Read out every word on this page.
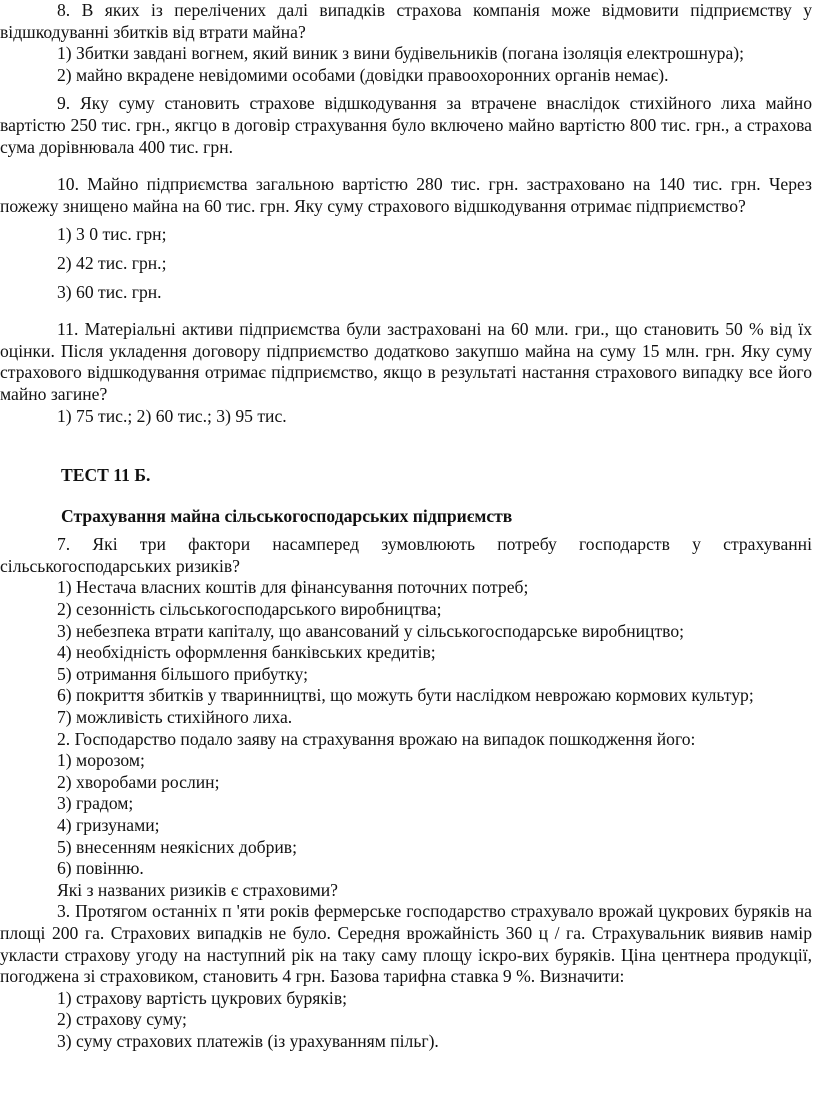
8. В яких із перелічених далі випадків страхова компанія може відмовити підприємству у відшкодуванні збитків від втрати майна?

1) Збитки завдані вогнем, який виник з вини будівельників (погана ізоляція електрошнура);

2) майно вкрадене невідомими особами (довідки правоохоронних органів немає).

9. Яку суму становить страхове відшкодування за втрачене внаслідок стихійного лиха майно вартістю 250 тис. грн., якгцо в договір страхування було включено майно вартістю 800 тис. грн., а страхова сума дорівнювала 400 тис. грн.

10. Майно підприємства загальною вартістю 280 тис. грн. застраховано на 140 тис. грн. Через пожежу знищено майна на 60 тис. грн. Яку суму страхового відшкодування отримає підприємство?

1) 3 0 тис. грн;

2) 42 тис. грн.;

3) 60 тис. грн.

11. Матеріальні активи підприємства були застраховані на 60 мли. гри., що становить 50 % від їх оцінки. Після укладення договору підприємство додатково закупшо майна на суму 15 млн. грн. Яку суму страхового відшкодування отримає підприємство, якщо в результаті настання страхового випадку все його майно загине?

1) 75 тис.; 2) 60 тис.; 3) 95 тис.

ТЕСТ 11 Б.

Страхування майна сільськогосподарських підприємств

7. Які три фактори насамперед зумовлюють потребу господарств у страхуванні сільськогосподарських ризиків?

1) Нестача власних коштів для фінансування поточних потреб;

2) сезонність сільськогосподарського виробництва;

3) небезпека втрати капіталу, що авансований у сільськогосподарське виробництво;

4) необхідність оформлення банківських кредитів;

5) отримання більшого прибутку;

6) покриття збитків у тваринництві, що можуть бути наслідком неврожаю кормових культур;

7) можливість стихійного лиха.

2. Господарство подало заяву на страхування врожаю на випадок пошкодження його:

1) морозом;

2) хворобами рослин;

3) градом;

4) гризунами;

5) внесенням неякісних добрив;

6) повінню.

Які з названих ризиків є страховими?

3. Протягом останніх п 'яти років фермерське господарство страхувало врожай цукрових буряків на площі 200 га. Страхових випадків не було. Середня врожайність 360 ц / га. Страхувальник виявив намір укласти страхову угоду на наступний рік на таку саму площу іскро-вих буряків. Ціна центнера продукції, погоджена зі страховиком, становить 4 грн. Базова тарифна ставка 9 %. Визначити:

1) страхову вартість цукрових буряків;

2) страхову суму;

3) суму страхових платежів (із урахуванням пільг).
